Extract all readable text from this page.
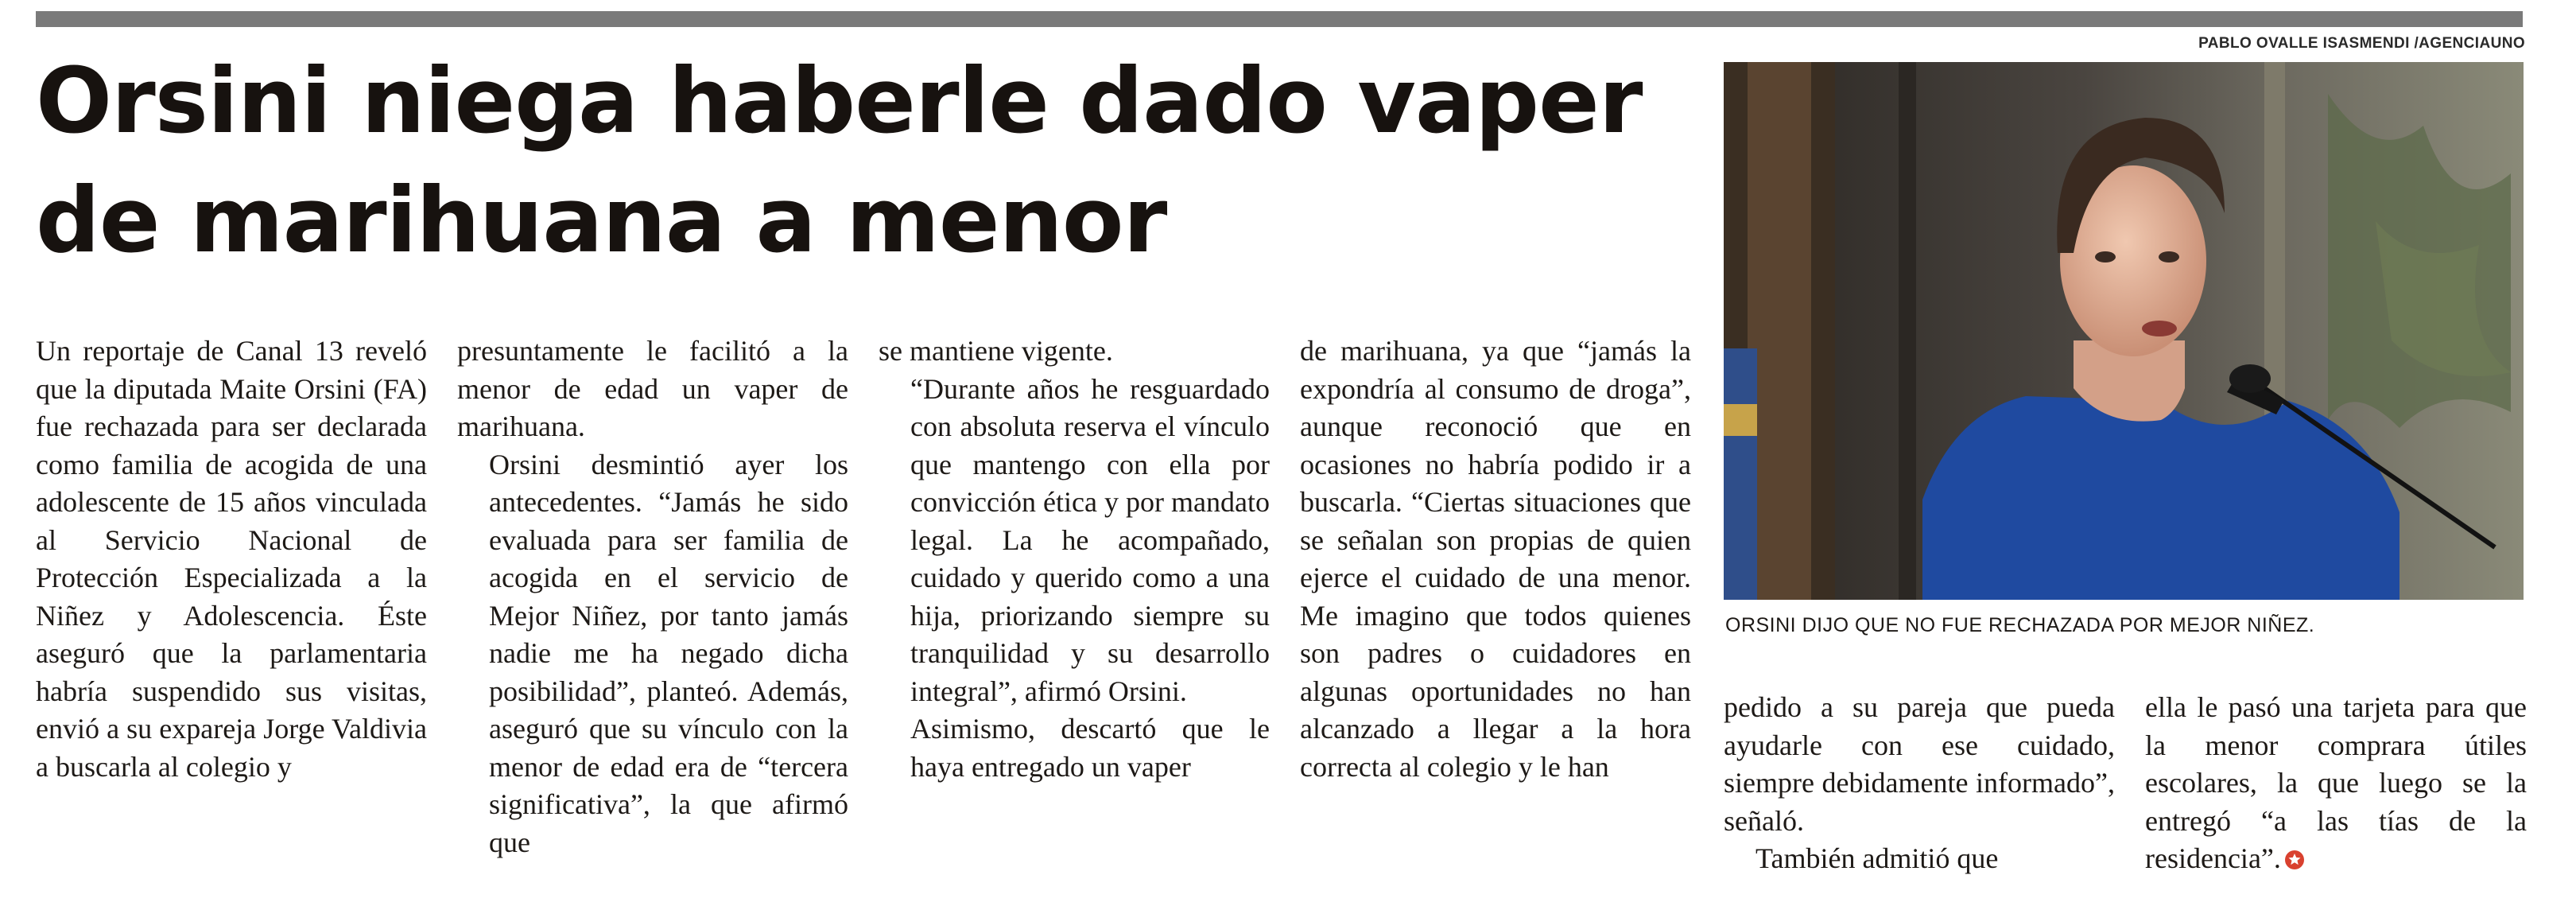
PABLO OVALLE ISASMENDI /AGENCIAUNO
Orsini niega haberle dado vaper
de marihuana a menor

Un reportaje de Canal 13 reveló que la diputada Maite Orsini (FA) fue rechazada para ser declarada como familia de acogida de una adolescente de 15 años vinculada al Servicio Nacional de Protección Especializada a la Niñez y Adolescencia. Éste aseguró que la parlamentaria habría suspendido sus visitas, envió a su expareja Jorge Valdivia a buscarla al colegio y

presuntamente le facilitó a la menor de edad un vaper de marihuana.

Orsini desmintió ayer los antecedentes. “Jamás he sido evaluada para ser familia de acogida en el servicio de Mejor Niñez, por tanto jamás nadie me ha negado dicha posibilidad”, planteó. Además, aseguró que su vínculo con la menor de edad era de “tercera significativa”, la que afirmó que

se mantiene vigente.

“Durante años he resguardado con absoluta reserva el vínculo que mantengo con ella por convicción ética y por mandato legal. La he acompañado, cuidado y querido como a una hija, priorizando siempre su tranquilidad y su desarrollo integral”, afirmó Orsini.

Asimismo, descartó que le haya entregado un vaper

de marihuana, ya que “jamás la expondría al consumo de droga”, aunque reconoció que en ocasiones no habría podido ir a buscarla. “Ciertas situaciones que se señalan son propias de quien ejerce el cuidado de una menor. Me imagino que todos quienes son padres o cuidadores en algunas oportunidades no han alcanzado a llegar a la hora correcta al colegio y le han

ORSINI DIJO QUE NO FUE RECHAZADA POR MEJOR NIÑEZ.

pedido a su pareja que pueda ayudarle con ese cuidado, siempre debidamente informado”, señaló.

También admitió que

ella le pasó una tarjeta para que la menor comprara útiles escolares, la que luego se la entregó “a las tías de la residencia”.
